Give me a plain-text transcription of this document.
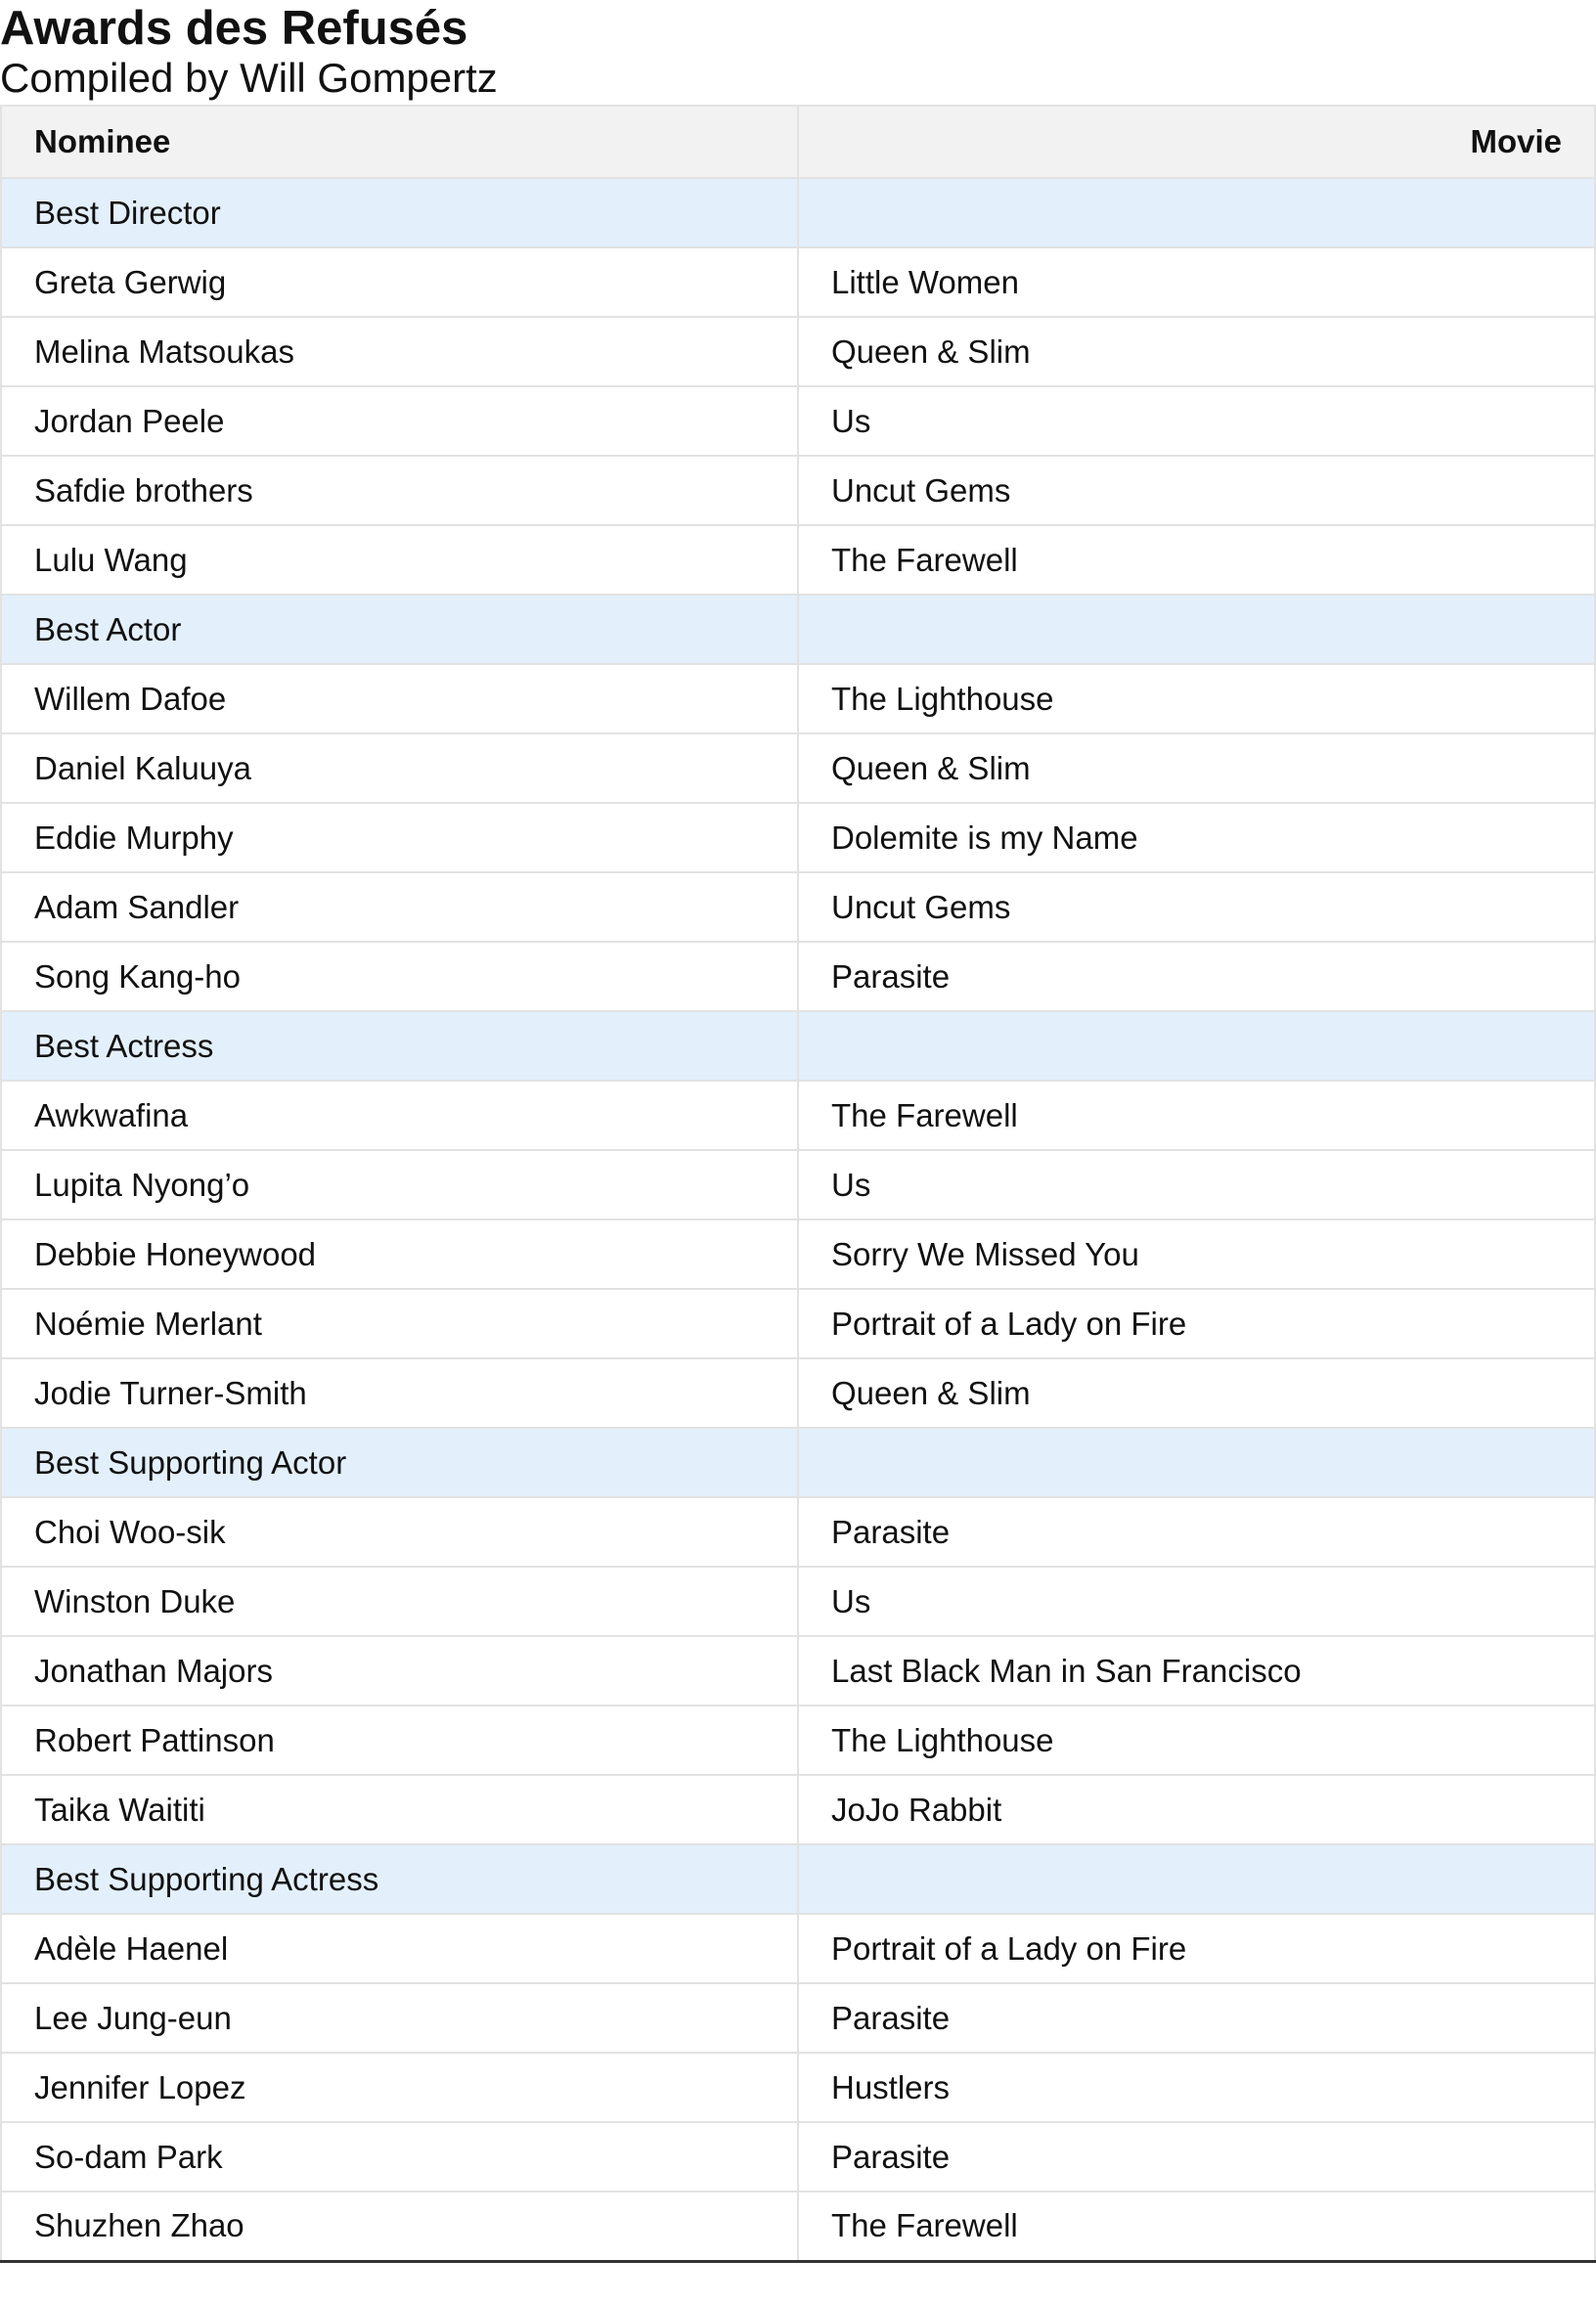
Awards des Refusés
Compiled by Will Gompertz
Nominee	Movie
Best Director	
Greta Gerwig	Little Women
Melina Matsoukas	Queen & Slim
Jordan Peele	Us
Safdie brothers	Uncut Gems
Lulu Wang	The Farewell
Best Actor	
Willem Dafoe	The Lighthouse
Daniel Kaluuya	Queen & Slim
Eddie Murphy	Dolemite is my Name
Adam Sandler	Uncut Gems
Song Kang-ho	Parasite
Best Actress	
Awkwafina	The Farewell
Lupita Nyong’o	Us
Debbie Honeywood	Sorry We Missed You
Noémie Merlant	Portrait of a Lady on Fire
Jodie Turner-Smith	Queen & Slim
Best Supporting Actor	
Choi Woo-sik	Parasite
Winston Duke	Us
Jonathan Majors	Last Black Man in San Francisco
Robert Pattinson	The Lighthouse
Taika Waititi	JoJo Rabbit
Best Supporting Actress	
Adèle Haenel	Portrait of a Lady on Fire
Lee Jung-eun	Parasite
Jennifer Lopez	Hustlers
So-dam Park	Parasite
Shuzhen Zhao	The Farewell
